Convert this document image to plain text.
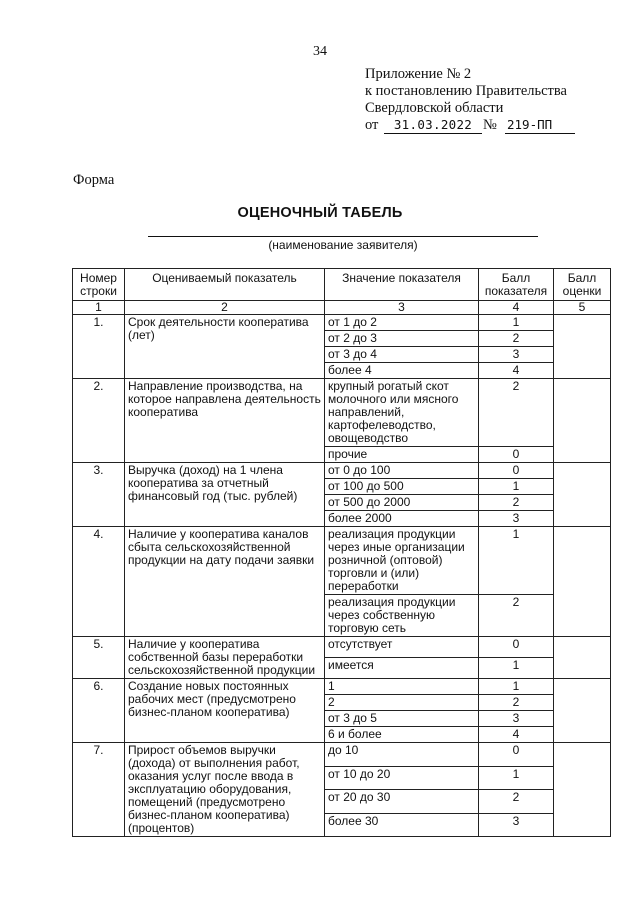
34
Приложение № 2
к постановлению Правительства
Свердловской области
от	31.03.2022 № 219-ПП
Форма
ОЦЕНОЧНЫЙ ТАБЕЛЬ
(наименование заявителя)
Номер строки	Оцениваемый показатель	Значение показателя	Балл показателя	Балл оценки
1	2	3	4	5
1.	Срок деятельности кооператива (лет)	от 1 до 2	1	
		от 2 до 3	2	
		от 3 до 4	3	
		более 4	4	
2.	Направление производства, на которое направлена деятельность кооператива	крупный рогатый скот молочного или мясного направлений, картофелеводство, овощеводство	2	
		прочие	0	
3.	Выручка (доход) на 1 члена кооператива за отчетный финансовый год (тыс. рублей)	от 0 до 100	0	
		от 100 до 500	1	
		от 500 до 2000	2	
		более 2000	3	
4.	Наличие у кооператива каналов сбыта сельскохозяйственной продукции на дату подачи заявки	реализация продукции через иные организации розничной (оптовой) торговли и (или) переработки	1	
		реализация продукции через собственную торговую сеть	2	
5.	Наличие у кооператива собственной базы переработки сельскохозяйственной продукции	отсутствует	0	
		имеется	1	
6.	Создание новых постоянных рабочих мест (предусмотрено бизнес-планом кооператива)	1	1	
		2	2	
		от 3 до 5	3	
		6 и более	4	
7.	Прирост объемов выручки (дохода) от выполнения работ, оказания услуг после ввода в эксплуатацию оборудования, помещений (предусмотрено бизнес-планом кооператива) (процентов)	до 10	0	
		от 10 до 20	1	
		от 20 до 30	2	
		более 30	3	
